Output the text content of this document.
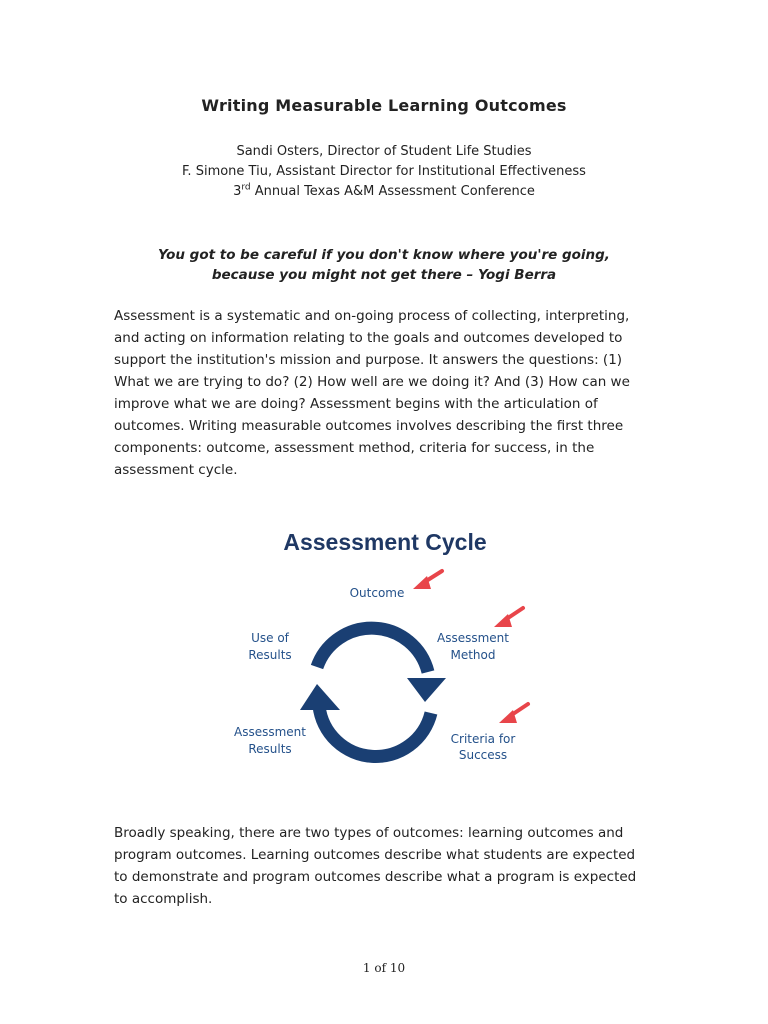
Writing Measurable Learning Outcomes
Sandi Osters, Director of Student Life Studies
F. Simone Tiu, Assistant Director for Institutional Effectiveness
3rd Annual Texas A&M Assessment Conference
You got to be careful if you don't know where you're going,
because you might not get there – Yogi Berra
Assessment is a systematic and on-going process of collecting, interpreting,
and acting on information relating to the goals and outcomes developed to
support the institution's mission and purpose. It answers the questions: (1)
What we are trying to do? (2) How well are we doing it? And (3) How can we
improve what we are doing? Assessment begins with the articulation of
outcomes. Writing measurable outcomes involves describing the first three
components: outcome, assessment method, criteria for success, in the
assessment cycle.
Assessment Cycle
Outcome
Use of
Results
Assessment
Method
Assessment
Results
Criteria for
Success
Broadly speaking, there are two types of outcomes: learning outcomes and
program outcomes. Learning outcomes describe what students are expected
to demonstrate and program outcomes describe what a program is expected
to accomplish.
1 of 10
